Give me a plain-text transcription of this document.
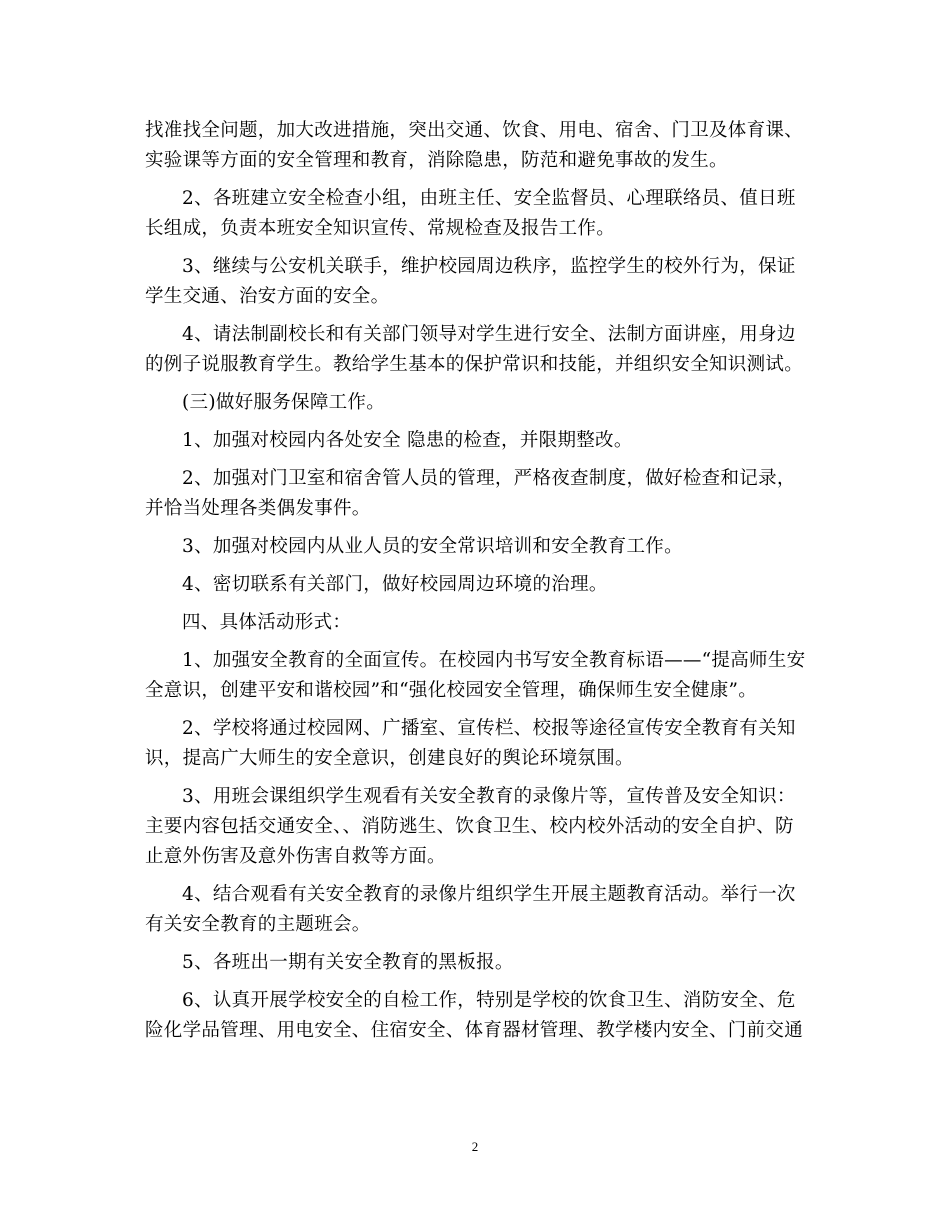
找准找全问题，加大改进措施，突出交通、饮食、用电、宿舍、门卫及体育课、
实验课等方面的安全管理和教育，消除隐患，防范和避免事故的发生。

2、各班建立安全检查小组，由班主任、安全监督员、心理联络员、值日班
长组成，负责本班安全知识宣传、常规检查及报告工作。

3、继续与公安机关联手，维护校园周边秩序，监控学生的校外行为，保证
学生交通、治安方面的安全。

4、请法制副校长和有关部门领导对学生进行安全、法制方面讲座，用身边
的例子说服教育学生。教给学生基本的保护常识和技能，并组织安全知识测试。

(三)做好服务保障工作。

1、加强对校园内各处安全 隐患的检查，并限期整改。

2、加强对门卫室和宿舍管人员的管理，严格夜查制度，做好检查和记录，
并恰当处理各类偶发事件。

3、加强对校园内从业人员的安全常识培训和安全教育工作。

4、密切联系有关部门，做好校园周边环境的治理。

四、具体活动形式：

1、加强安全教育的全面宣传。在校园内书写安全教育标语——“提高师生安
全意识，创建平安和谐校园”和“强化校园安全管理，确保师生安全健康”。

2、学校将通过校园网、广播室、宣传栏、校报等途径宣传安全教育有关知
识，提高广大师生的安全意识，创建良好的舆论环境氛围。

3、用班会课组织学生观看有关安全教育的录像片等，宣传普及安全知识：
主要内容包括交通安全、、消防逃生、饮食卫生、校内校外活动的安全自护、防
止意外伤害及意外伤害自救等方面。

4、结合观看有关安全教育的录像片组织学生开展主题教育活动。举行一次
有关安全教育的主题班会。

5、各班出一期有关安全教育的黑板报。

6、认真开展学校安全的自检工作，特别是学校的饮食卫生、消防安全、危
险化学品管理、用电安全、住宿安全、体育器材管理、教学楼内安全、门前交通

2
